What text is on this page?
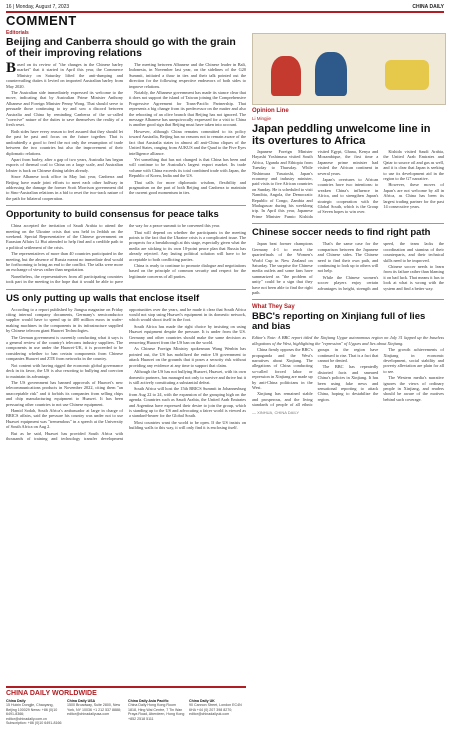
16 | Monday, August 7, 2023	CHINA DAILY
COMMENT
Editorials
Beijing and Canberra should go with the grain of their improving relations

Based on its review of "the changes in the Chinese barley market" that it started in April this year, the Commerce Ministry on Saturday lifted the anti-dumping and countervailing duties it levied on imported Australian barley from May 2020.

The Australian side immediately expressed its welcome to the move, indicating that by Australian Prime Minister Anthony Albanese and Foreign Minister Penny Wong. That should serve to persuade those continuing to try and sow a discord between Australia and China by reminding Canberra of the so-called "coercive" nature of the duties to save themselves the reality of a fresh reset.

Both sides have every reason to feel assured that they should let the past be past and focus on the future together. That is undoubtedly a good to feed the not only the resumption of trade between the two countries but also the improvement of their diplomatic relations.

Apart from barley, after a gap of two years, Australia has begun exports of thermal coal to China on a large scale, and Australian lobster is back on Chinese dining tables already.

Since Albanese took office in May last year, Canberra and Beijing have made joint efforts to meet each other halfway in addressing the damage the former Scott Morrison government did to Sino-Australian relations in a bid to reset the two-track nature of the path for bilateral cooperation.

The meeting between Albanese and the Chinese leader in Bali, Indonesia, in November last year, on the sidelines of the G20 Summit, initiated a thaw in ties and their talk pointed out the direction for the following respective endeavors of both sides to improve relations.

Notably, the Albanese government has made its stance clear that it does not support the island of Taiwan joining the Comprehensive Progressive Agreement for Trans-Pacific Partnership. That represents a big change from its predecessor on the matter and also the rebooting of an olive branch that Beijing has not ignored. The message Albanese has unequivocally expressed for a visit to China is another good sign that Beijing must have taken into account.

However, although China remains committed to its policy toward Australia, Beijing has no reasons not to remain aware of the fact that Australia states in almost all anti-China cliques of the United States, ranging from AUKUS and the Quad to the Five Eyes intelligence alliance.

Yet something that has not changed is that China has been and will continue to be Australia's largest export market. Its trade volume with China exceeds its total combined trade with Japan, the Republic of Korea, India and the US.

That calls for more diplomatic wisdom, flexibility and pragmatism on the part of both Beijing and Canberra to maintain the current good momentum in ties.

Opportunity to build consensus for peace talks

China accepted the invitation of Saudi Arabia to attend the meeting on the Ukraine crisis that was held in Jeddah on the weekend. Special Representative of the Chinese government on Eurasian Affairs Li Hui attended to help find and a credible path to a political settlement of the crisis.

The representatives of more than 40 countries participated in the meeting, but the absence of Russia meant no immediate deal would be forthcoming to bring an end to the conflict. The talks were more an exchange of views rather than negotiation.

Nonetheless, the representatives from all participating countries took part in the meeting in the hope that it would be able to pave the way for a peace summit to be convened this year.

That will depend on whether the participants in the meeting points to the fact that the Ukraine crisis is a complicated issue. The prospects for a breakthrough at this stage, especially given what the media are sticking to its own 10-point peace plan that Russia has already rejected. Any lasting political solution will have to be acceptable to both conflicting parties.

China is ready to continue to promote dialogue and negotiations based on the principle of common security and respect for the legitimate concerns of all parties.

US only putting up walls that enclose itself

According to a report published by Jiangsu magazine on Friday citing internal company documents, Germany's semiconductor supplier would have to spend up to 400 million euros in wafer-making machines in the components in its infrastructure supplied by Chinese telecom giant Huawei Technologies.

The German government is currently conducting what it says is a general review of the country's telecoms industry suppliers. The components in use under the Huawei-UK, it is proceeded to be considering whether to ban certain components from Chinese companies Huawei and ZTE from networks in the country.

Not content with having rigged the economic global governance deck in its favor, the US is also resorting to bullying and coercion to maintain its advantage.

The US government has banned approvals of Huawei's new telecommunications products in November 2022, citing them "an unacceptable risk" and it forbids its companies from selling chips and chip manufacturing equipment to Huawei. It has been pressuring other countries to not use Chinese equipment.

Hamid Sodah, South Africa's ambassador at large in charge of BRICS affairs, said the pressure his country was under not to use Huawei equipment was "tremendous" in a speech at the University of South Africa on Aug 2.

But as he said, Huawei has provided South Africa with thousands of training and technology transfer development opportunities over the years, and he made it clear that South Africa would not stop using Huawei's equipment in its domestic network, which would shoot itself in the foot.

South Africa has made the right choice by insisting on using Huawei equipment despite the pressure. It is under from the US. Germany and other countries should make the same decision as removing Huawei from the US ban on the world.

As Chinese Foreign Ministry spokesman Wang Wenbin has pointed out, the US has mobilized the entire US government to attack Huawei on the grounds that it poses a security risk without providing any evidence at any time to support that claim.

Although the US has not bullying Huawei, Huawei, with its own domestic partners, has managed not only to survive and thrive but it is still actively constituting a substantial defeat.

South Africa will host the 15th BRICS Summit in Johannesburg from Aug 22 to 24, with the expansion of the grouping high on the agenda. Countries such as Saudi Arabia, the United Arab Emirates and Argentina have expressed their desire to join the group, which is standing up to the US and advocating a fairer world is viewed as a standard-bearer for the Global South.

Most countries want the world to be open. If the US insists on building walls to this way, it will only find it is enclosing itself.

CHINA DAILY WORLDWIDE
China Daily
15 Huixin Dongjie, Chaoyang, Beijing 100029 News: +86 (0)10 6491-8366; editor@chinadaily.com.cn Subscription: +86 (0)10 6491-8166
China Daily USA
1500 Broadway, Suite 2800, New York, NY 10036 +1 212 537 8888; editor@chinadailyusa.com
China Daily Asia Pacific
China Daily Hong Kong Room 1818, Hing Wai Centre, 7 Tin Wan Praya Road, Aberdeen, Hong Kong +852 2518 5111
China Daily UK
90 Cannon Street, London EC4N 6HA +44 (0) 207 398 8270; editor@chinadailyuk.com
Opinion Line
Li Mingjie
Japan peddling unwelcome line in its overtures to Africa

Japanese Foreign Minister Hayashi Yoshimasa visited South Africa, Uganda and Ethiopia from Tuesday to Thursday. While Nishimura Yasutoshi, Japan's economy and industry minister, paid visits to five African countries on Sunday. He is scheduled to visit Namibia, Angola, the Democratic Republic of Congo, Zambia and Madagascar during his weeklong trip. In April this year, Japanese Prime Minister Fumio Kishida visited Egypt, Ghana, Kenya and Mozambique, the first time a Japanese prime minister had visited the African continent in several years.

Japan's overtures to African countries have two intentions: to weaken China's influence in Africa, and to strengthen Japan's strategic cooperation with the Global South, which is the Group of Seven hopes to win over.

Kishida visited Saudi Arabia, the United Arab Emirates and Qatar to source oil and gas as well, and it is clear that Japan is seeking to use its development aid in the region to the G7 narrative.

However, these moves of Japan's are not welcome by all in Africa, as China has been its largest trading partner for the past 14 consecutive years.

Chinese soccer needs to find right path

Japan beat former champions Germany 4-1 to reach the quarterfinals of the Women's World Cup in New Zealand on Saturday. The surprise the Chinese media outlets and some fans have summarized as "the problem of unity" could be a sign that they have not been able to find the right path.

That's the same case for the comparison between the Japanese and Chinese sides. The Chinese need to find their own path, and continuing to look up to others will not help.

While the Chinese women's soccer players enjoy certain advantages in height, strength and speed, the team lacks the coordination and stamina of their counterparts, and their technical skills need to be improved.

Chinese soccer needs to learn from its failure rather than blaming it on bad luck. That means it has to look at what is wrong with the system and find a better way.

What They Say
BBC's reporting on Xinjiang full of lies and bias

Editor's Note: A BBC report titled the Xinjiang Uygur autonomous region on July 31 lapped up the baseless allegations of the West, highlighting the "repression" of Uygurs and lies about Xinjiang.

China firmly opposes the BBC's propaganda and the West's narratives about Xinjiang. The allegations of China conducting so-called forced labor or repression in Xinjiang are made up by anti-China politicians in the West.

Xinjiang has remained stable and prosperous, and the living standards of people of all ethnic groups in the region have continued to rise. That is a fact that cannot be denied.

The BBC has repeatedly distorted facts and smeared China's policies in Xinjiang. It has been using fake news and sensational reporting to attack China, hoping to destabilize the region.

The growth achievements of Xinjiang in economic development, social stability and poverty alleviation are plain for all to see.

The Western media's narrative ignores the views of ordinary people in Xinjiang, and readers should be aware of the motives behind such coverage.

— XINHUA, CHINA DAILY
